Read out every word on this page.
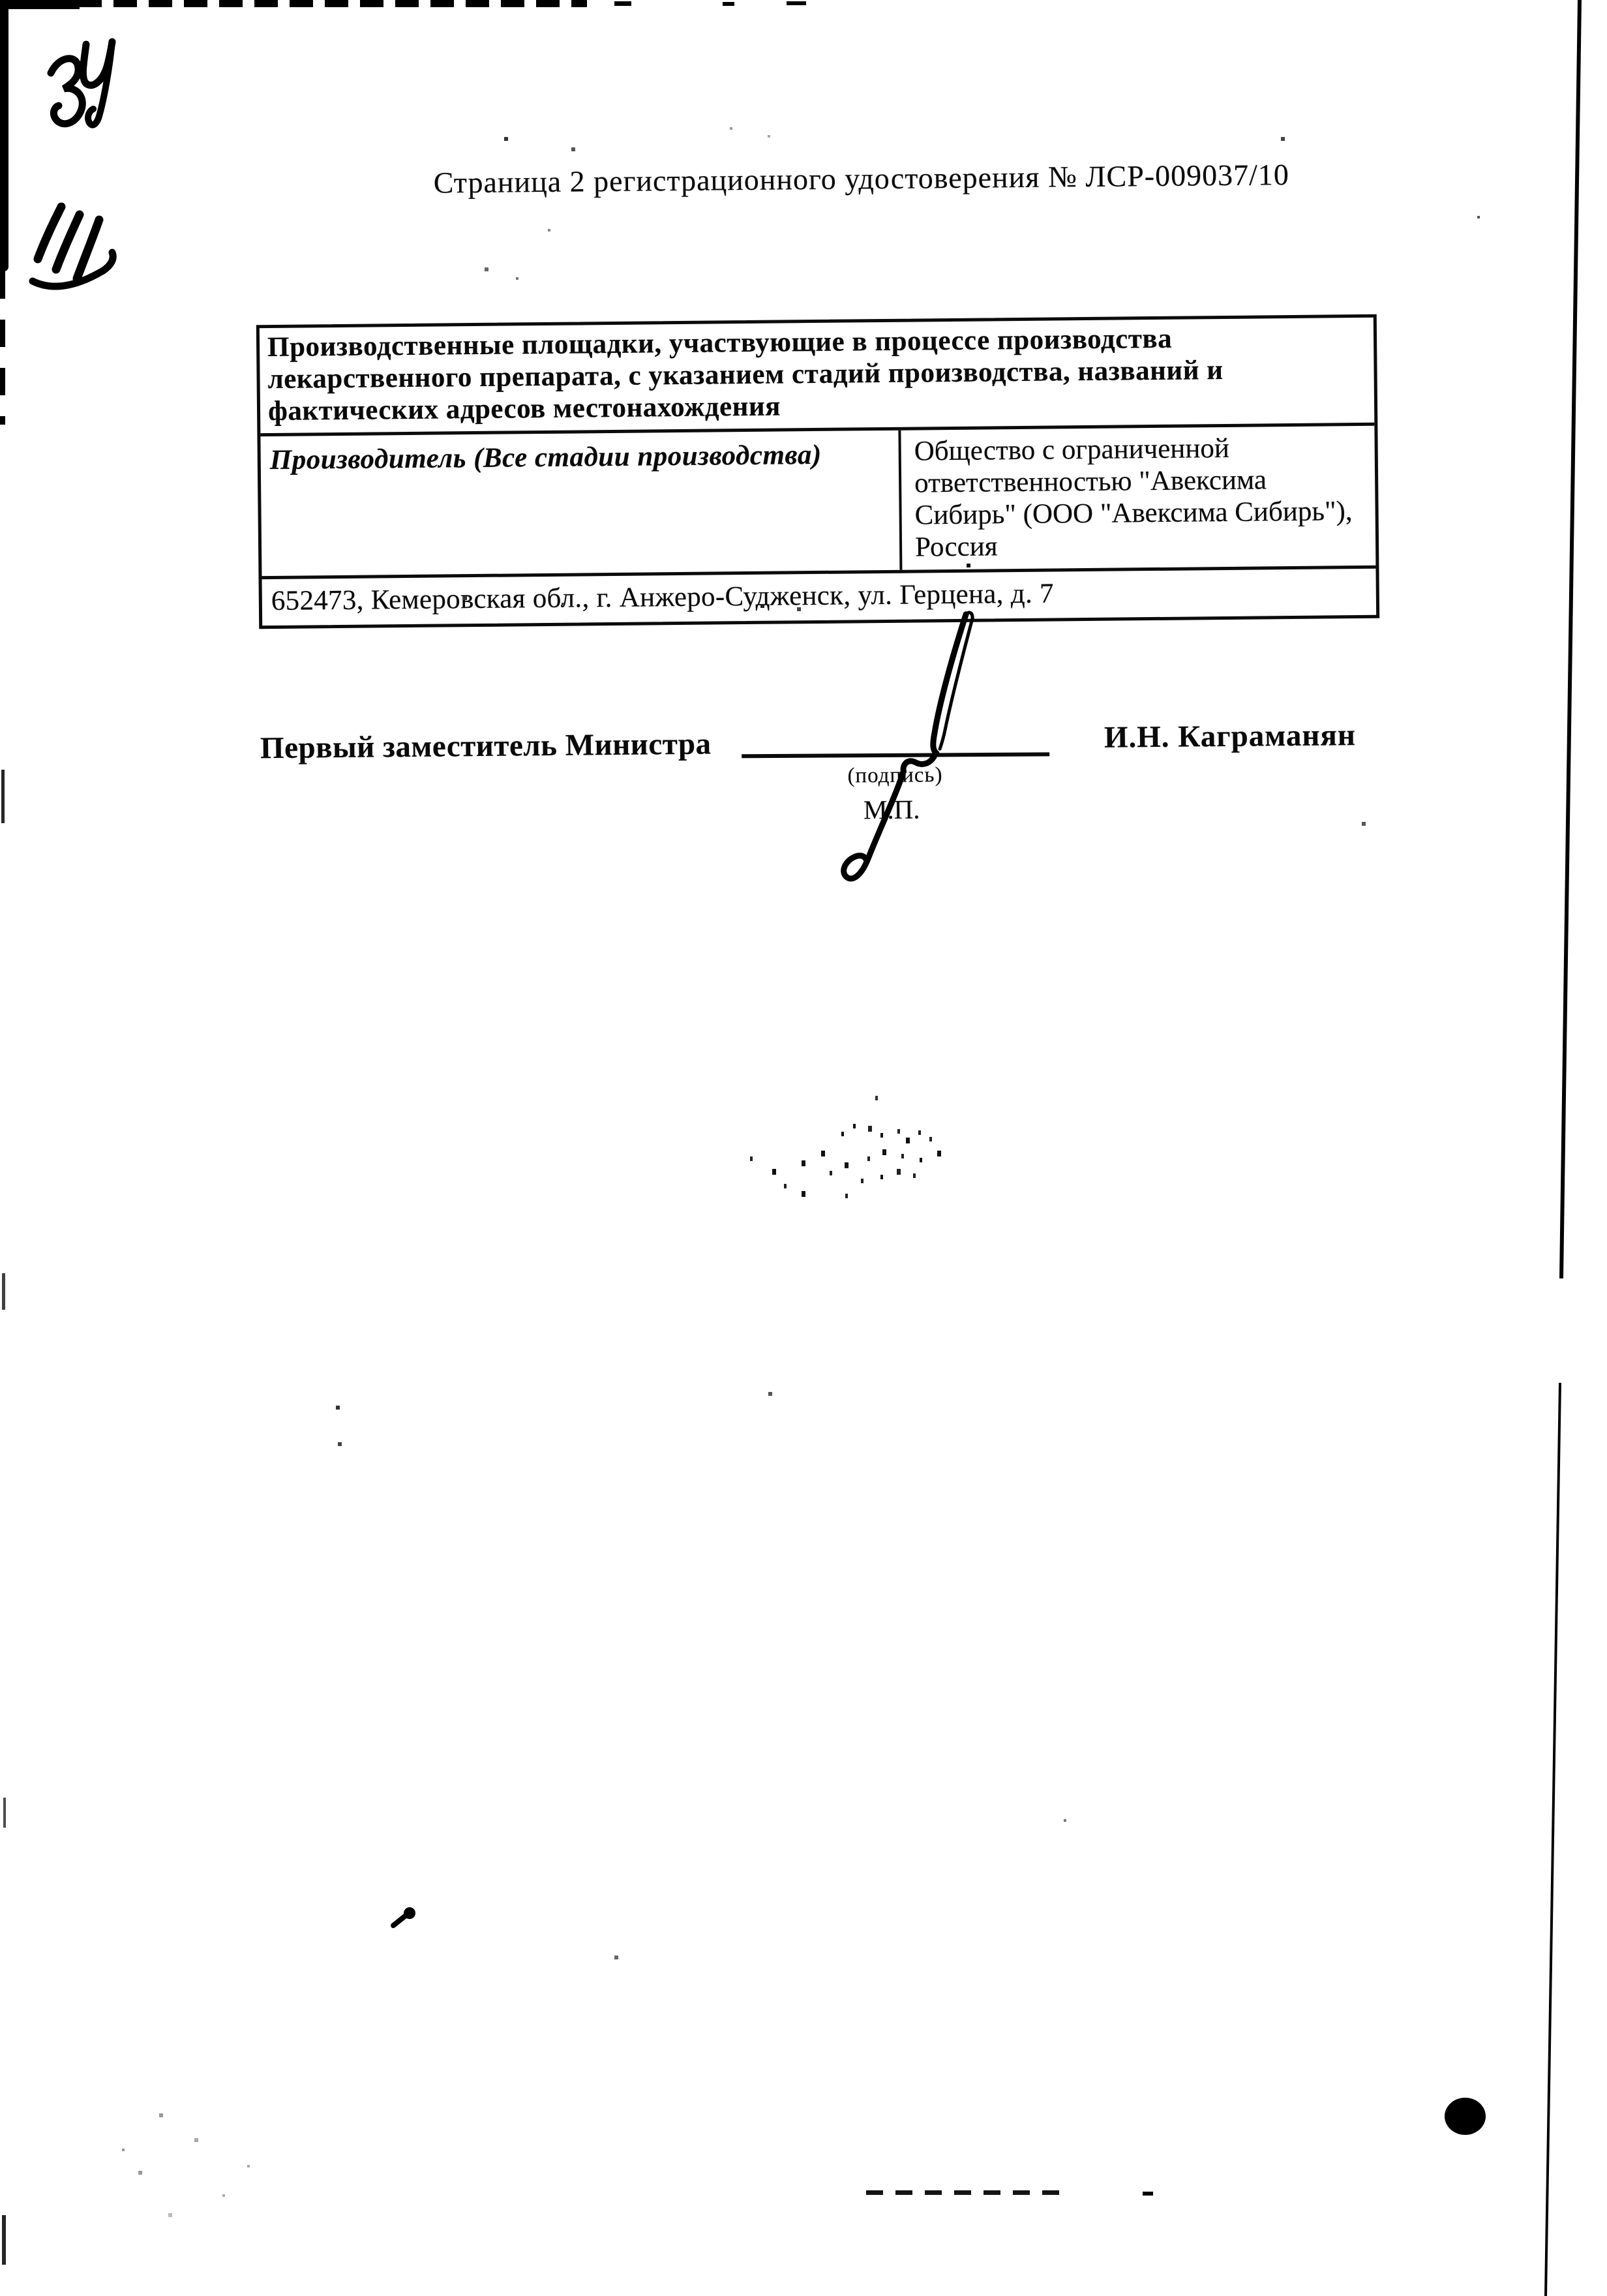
Страница 2 регистрационного удостоверения № ЛСР-009037/10
Производственные площадки, участвующие в процессе производства лекарственного препарата, с указанием стадий производства, названий и фактических адресов местонахождения
Производитель (Все стадии производства)	Общество с ограниченной ответственностью "Авексима Сибирь" (ООО "Авексима Сибирь"), Россия
652473, Кемеровская обл., г. Анжеро-Судженск, ул. Герцена, д. 7
Первый заместитель Министра
(подпись)
М.П.
И.Н. Каграманян
